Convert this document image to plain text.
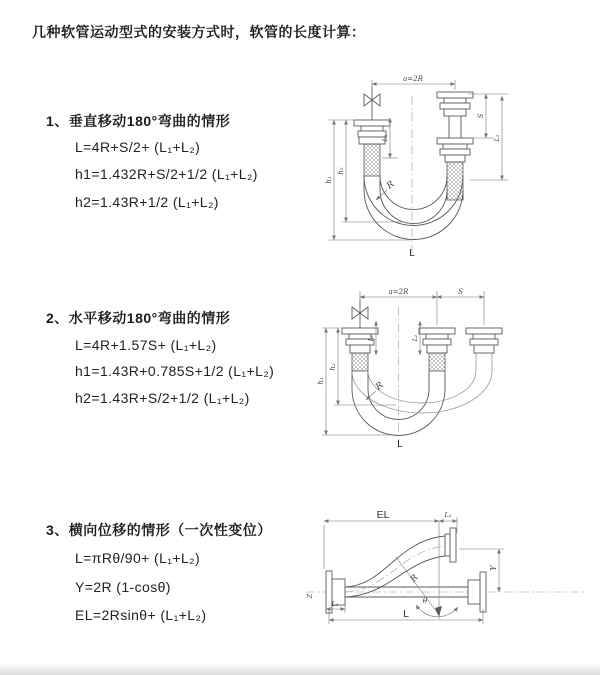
几种软管运动型式的安装方式时，软管的长度计算：
1、垂直移动180°弯曲的情形
L=4R+S/2+ (L₁+L₂)
h1=1.432R+S/2+1/2 (L₁+L₂)
h2=1.43R+1/2 (L₁+L₂)
2、水平移动180°弯曲的情形
L=4R+1.57S+ (L₁+L₂)
h1=1.43R+0.785S+1/2 (L₁+L₂)
h2=1.43R+S/2+1/2 (L₁+L₂)
3、横向位移的情形（一次性变位）
L=πRθ/90+ (L₁+L₂)
Y=2R (1-cosθ)
EL=2Rsinθ+ (L₁+L₂)
a=2R
h₁
h₂
L₁
S
L₂
R
L
a=2R	S
h₁
h₂
L₁	L₂
R
L
EL	L₂
Y
L
L₁
R
θ
Z
